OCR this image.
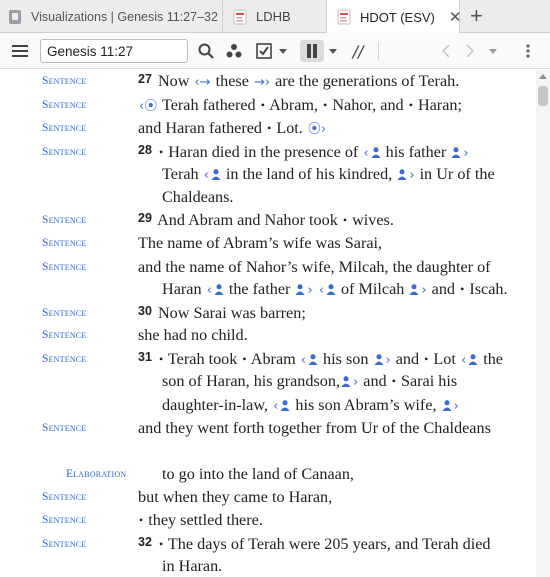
Visualizations | Genesis 11:27–32	LDHB	HDOT (ESV) ✕ +
Genesis 11:27
//
Sentence	27 Now ‹→ these →› are the generations of Terah.
Sentence	‹⦿ Terah fathered • Abram, • Nahor, and • Haran;
Sentence	and Haran fathered • Lot. ⦿›
Sentence	28 • Haran died in the presence of ‹ his father ›
Terah ‹ in the land of his kindred, › in Ur of the
Chaldeans.
Sentence	29 And Abram and Nahor took • wives.
Sentence	The name of Abram’s wife was Sarai,
Sentence	and the name of Nahor’s wife, Milcah, the daughter of
Haran ‹ the father › ‹ of Milcah › and • Iscah.
Sentence	30 Now Sarai was barren;
Sentence	she had no child.
Sentence	31 • Terah took • Abram ‹ his son › and • Lot ‹ the
son of Haran, his grandson, › and • Sarai his
daughter-in-law, ‹ his son Abram’s wife, ›
Sentence	and they went forth together from Ur of the Chaldeans
Elaboration to go into the land of Canaan,
Sentence	but when they came to Haran,
Sentence	• they settled there.
Sentence	32 • The days of Terah were 205 years, and Terah died
in Haran.
